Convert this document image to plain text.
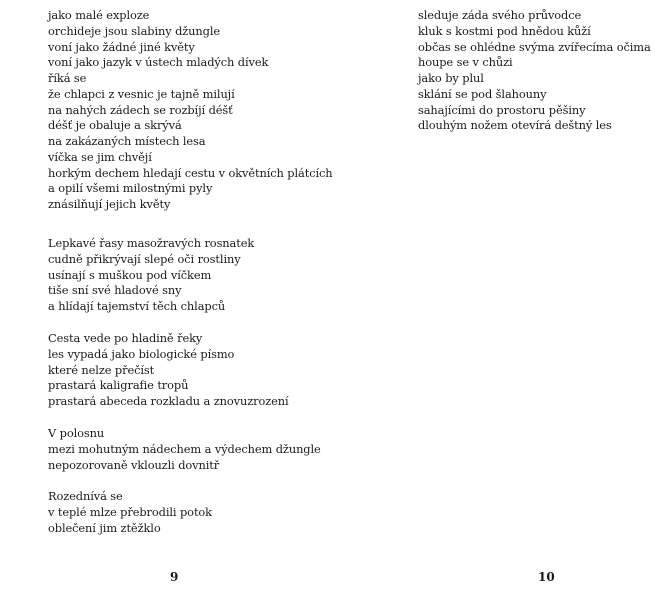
jako malé exploze
orchideje jsou slabiny džungle
voní jako žádné jiné květy
voní jako jazyk v ústech mladých dívek
říká se
že chlapci z vesnic je tajně milují
na nahých zádech se rozbíjí déšť
déšť je obaluje a skrývá
na zakázaných místech lesa
víčka se jim chvějí
horkým dechem hledají cestu v okvětních plátcích
a opilí všemi milostnými pyly
znásilňují jejich květy
Lepkavé řasy masožravých rosnatek
cudně přikrývají slepé oči rostliny
usínají s muškou pod víčkem
tiše sní své hladové sny
a hlídají tajemství těch chlapců
Cesta vede po hladině řeky
les vypadá jako biologické písmo
které nelze přečíst
prastará kaligrafie tropů
prastará abeceda rozkladu a znovuzrození
V polosnu
mezi mohutným nádechem a výdechem džungle
nepozorovaně vklouzli dovnitř
Rozednívá se
v teplé mlze přebrodili potok
oblečení jim ztěžklo
9
sleduje záda svého průvodce
kluk s kostmi pod hnědou kůží
občas se ohlédne svýma zvířecíma očima
houpe se v chůzi
jako by plul
sklání se pod šlahouny
sahajícími do prostoru pěšiny
dlouhým nožem otevírá deštný les
10
